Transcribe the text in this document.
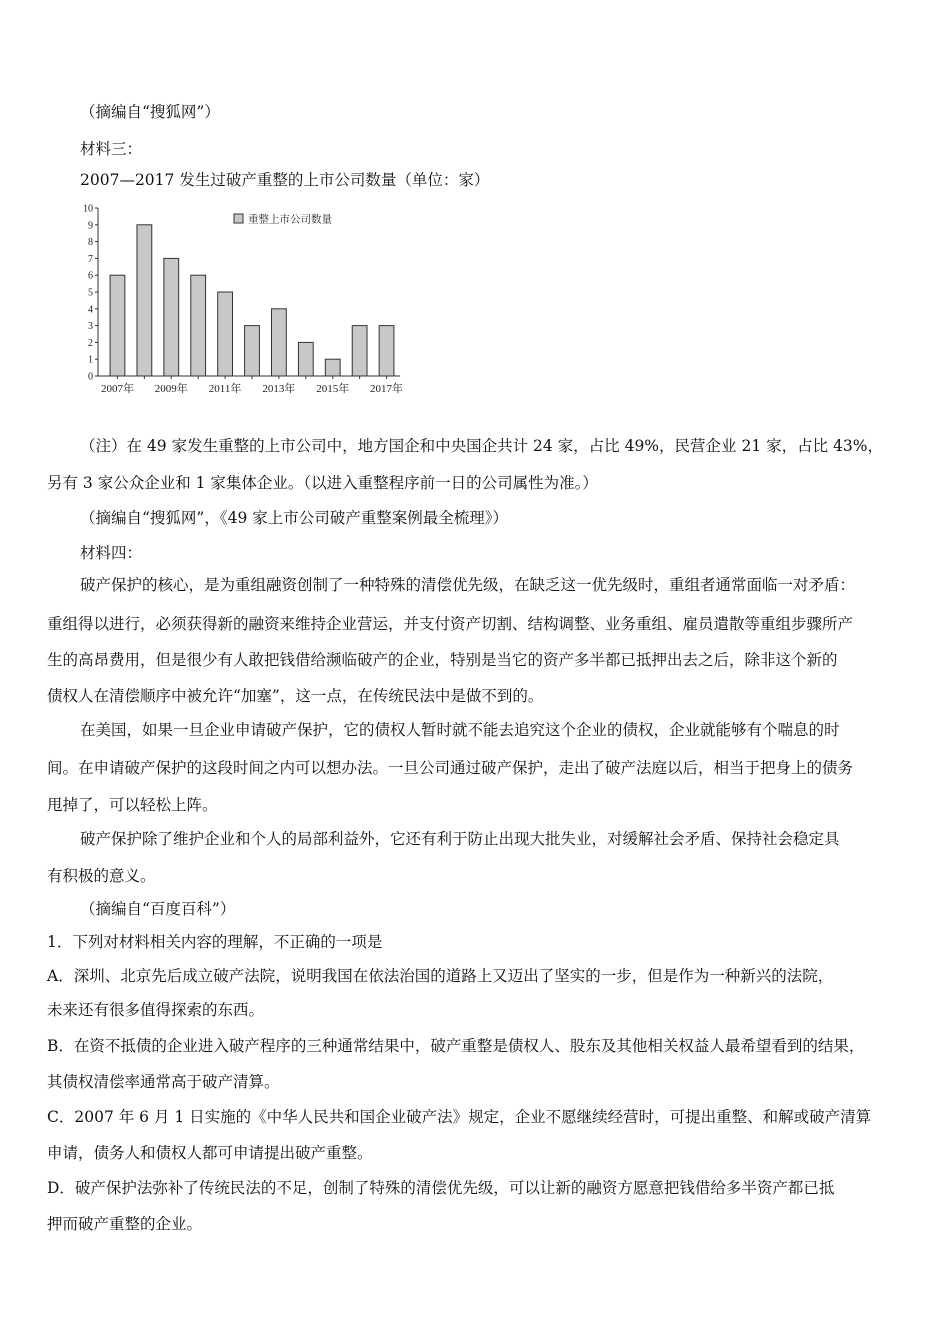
（摘编自“搜狐网”）
材料三：
2007—2017 发生过破产重整的上市公司数量（单位：家）
0
1
2
3
4
5
6
7
8
9
10
2007年 2009年 2011年 2013年 2015年 2017年
重整上市公司数量
（注）在 49 家发生重整的上市公司中，地方国企和中央国企共计 24 家，占比 49%，民营企业 21 家，占比 43%，
另有 3 家公众企业和 1 家集体企业。（以进入重整程序前一日的公司属性为准。）
（摘编自“搜狐网”，《49 家上市公司破产重整案例最全梳理》）
材料四：
破产保护的核心，是为重组融资创制了一种特殊的清偿优先级，在缺乏这一优先级时，重组者通常面临一对矛盾：
重组得以进行，必须获得新的融资来维持企业营运，并支付资产切割、结构调整、业务重组、雇员遣散等重组步骤所产
生的高昂费用，但是很少有人敢把钱借给濒临破产的企业，特别是当它的资产多半都已抵押出去之后，除非这个新的
债权人在清偿顺序中被允许“加塞”，这一点，在传统民法中是做不到的。
在美国，如果一旦企业申请破产保护，它的债权人暂时就不能去追究这个企业的债权，企业就能够有个喘息的时
间。在申请破产保护的这段时间之内可以想办法。一旦公司通过破产保护，走出了破产法庭以后，相当于把身上的债务
甩掉了，可以轻松上阵。
破产保护除了维护企业和个人的局部利益外，它还有利于防止出现大批失业，对缓解社会矛盾、保持社会稳定具
有积极的意义。
（摘编自“百度百科”）
1．下列对材料相关内容的理解，不正确的一项是
A．深圳、北京先后成立破产法院，说明我国在依法治国的道路上又迈出了坚实的一步，但是作为一种新兴的法院，
未来还有很多值得探索的东西。
B．在资不抵债的企业进入破产程序的三种通常结果中，破产重整是债权人、股东及其他相关权益人最希望看到的结果，
其债权清偿率通常高于破产清算。
C．2007 年 6 月 1 日实施的《中华人民共和国企业破产法》规定，企业不愿继续经营时，可提出重整、和解或破产清算
申请，债务人和债权人都可申请提出破产重整。
D．破产保护法弥补了传统民法的不足，创制了特殊的清偿优先级，可以让新的融资方愿意把钱借给多半资产都已抵
押而破产重整的企业。
